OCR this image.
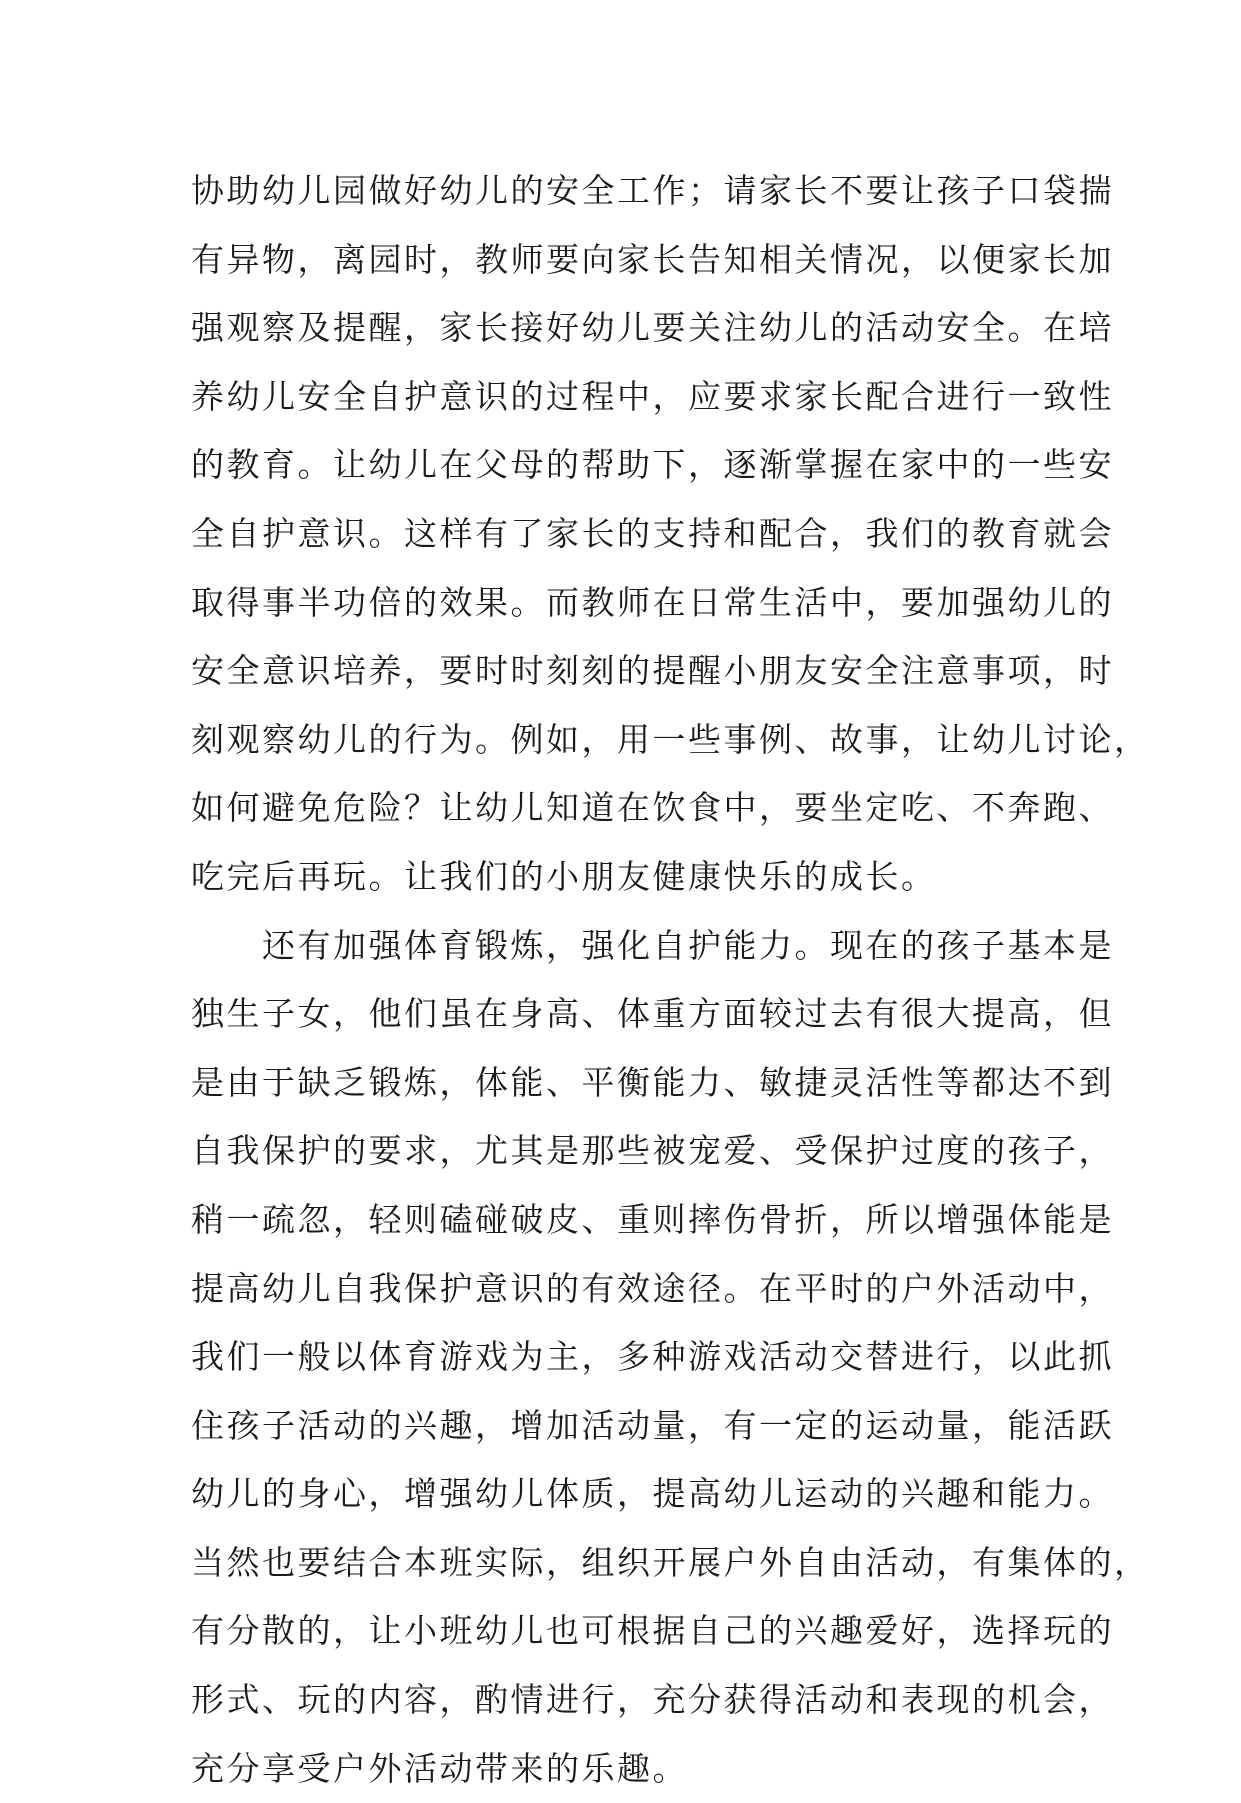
协助幼儿园做好幼儿的安全工作；请家长不要让孩子口袋揣
有异物，离园时，教师要向家长告知相关情况，以便家长加
强观察及提醒，家长接好幼儿要关注幼儿的活动安全。在培
养幼儿安全自护意识的过程中，应要求家长配合进行一致性
的教育。让幼儿在父母的帮助下，逐渐掌握在家中的一些安
全自护意识。这样有了家长的支持和配合，我们的教育就会
取得事半功倍的效果。而教师在日常生活中，要加强幼儿的
安全意识培养，要时时刻刻的提醒小朋友安全注意事项，时
刻观察幼儿的行为。例如，用一些事例、故事，让幼儿讨论，
如何避免危险？让幼儿知道在饮食中，要坐定吃、不奔跑、
吃完后再玩。让我们的小朋友健康快乐的成长。
　　还有加强体育锻炼，强化自护能力。现在的孩子基本是
独生子女，他们虽在身高、体重方面较过去有很大提高，但
是由于缺乏锻炼，体能、平衡能力、敏捷灵活性等都达不到
自我保护的要求，尤其是那些被宠爱、受保护过度的孩子，
稍一疏忽，轻则磕碰破皮、重则摔伤骨折，所以增强体能是
提高幼儿自我保护意识的有效途径。在平时的户外活动中，
我们一般以体育游戏为主，多种游戏活动交替进行，以此抓
住孩子活动的兴趣，增加活动量，有一定的运动量，能活跃
幼儿的身心，增强幼儿体质，提高幼儿运动的兴趣和能力。
当然也要结合本班实际，组织开展户外自由活动，有集体的，
有分散的，让小班幼儿也可根据自己的兴趣爱好，选择玩的
形式、玩的内容，酌情进行，充分获得活动和表现的机会，
充分享受户外活动带来的乐趣。
